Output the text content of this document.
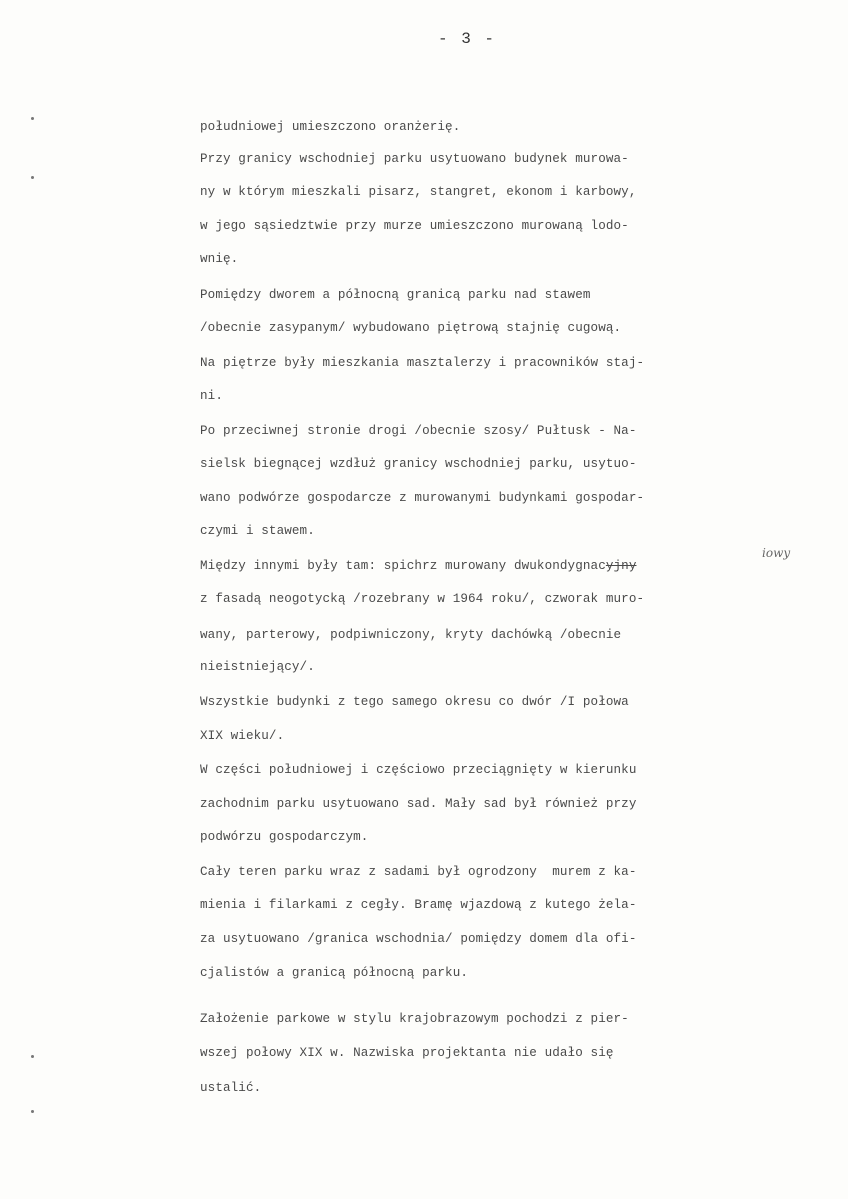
- 3 -
południowej umieszczono oranżerię.
Przy granicy wschodniej parku usytuowano budynek murowa-
ny w którym mieszkali pisarz, stangret, ekonom i karbowy,
w jego sąsiedztwie przy murze umieszczono murowaną lodo-
wnię.
Pomiędzy dworem a północną granicą parku nad stawem
/obecnie zasypanym/ wybudowano piętrową stajnię cugową.
Na piętrze były mieszkania masztalerzy i pracowników staj-
ni.
Po przeciwnej stronie drogi /obecnie szosy/ Pułtusk - Na-
sielsk biegnącej wzdłuż granicy wschodniej parku, usytuo-
wano podwórze gospodarcze z murowanymi budynkami gospodar-
czymi i stawem.
Między innymi były tam: spichrz murowany dwukondygnacyjny
iowy
z fasadą neogotycką /rozebrany w 1964 roku/, czworak muro-
wany, parterowy, podpiwniczony, kryty dachówką /obecnie
nieistniejący/.
Wszystkie budynki z tego samego okresu co dwór /I połowa
XIX wieku/.
W części południowej i częściowo przeciągnięty w kierunku
zachodnim parku usytuowano sad. Mały sad był również przy
podwórzu gospodarczym.
Cały teren parku wraz z sadami był ogrodzony  murem z ka-
mienia i filarkami z cegły. Bramę wjazdową z kutego żela-
za usytuowano /granica wschodnia/ pomiędzy domem dla ofi-
cjalistów a granicą północną parku.
Założenie parkowe w stylu krajobrazowym pochodzi z pier-
wszej połowy XIX w. Nazwiska projektanta nie udało się
ustalić.
